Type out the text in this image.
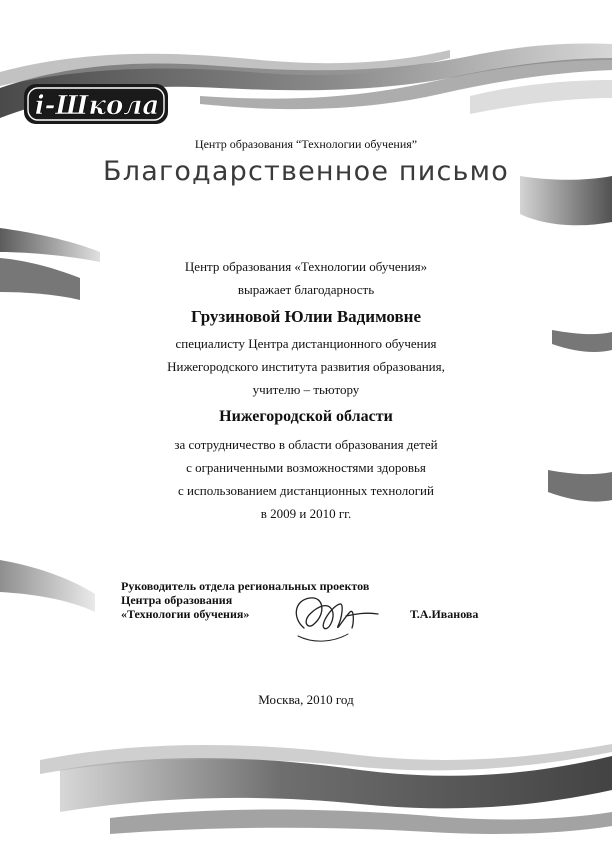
i-Школа

Центр образования “Технологии обучения”

Благодарственное письмо
Центр образования «Технологии обучения»
выражает благодарность
Грузиновой Юлии Вадимовне
специалисту Центра дистанционного обучения
Нижегородского института развития образования,
учителю – тьютору
Нижегородской области
за сотрудничество в области образования детей
с ограниченными возможностями здоровья
с использованием дистанционных технологий
в 2009 и 2010 гг.
Руководитель отдела региональных проектов
Центра образования
«Технологии обучения»	Т.А.Иванова

Москва, 2010 год
